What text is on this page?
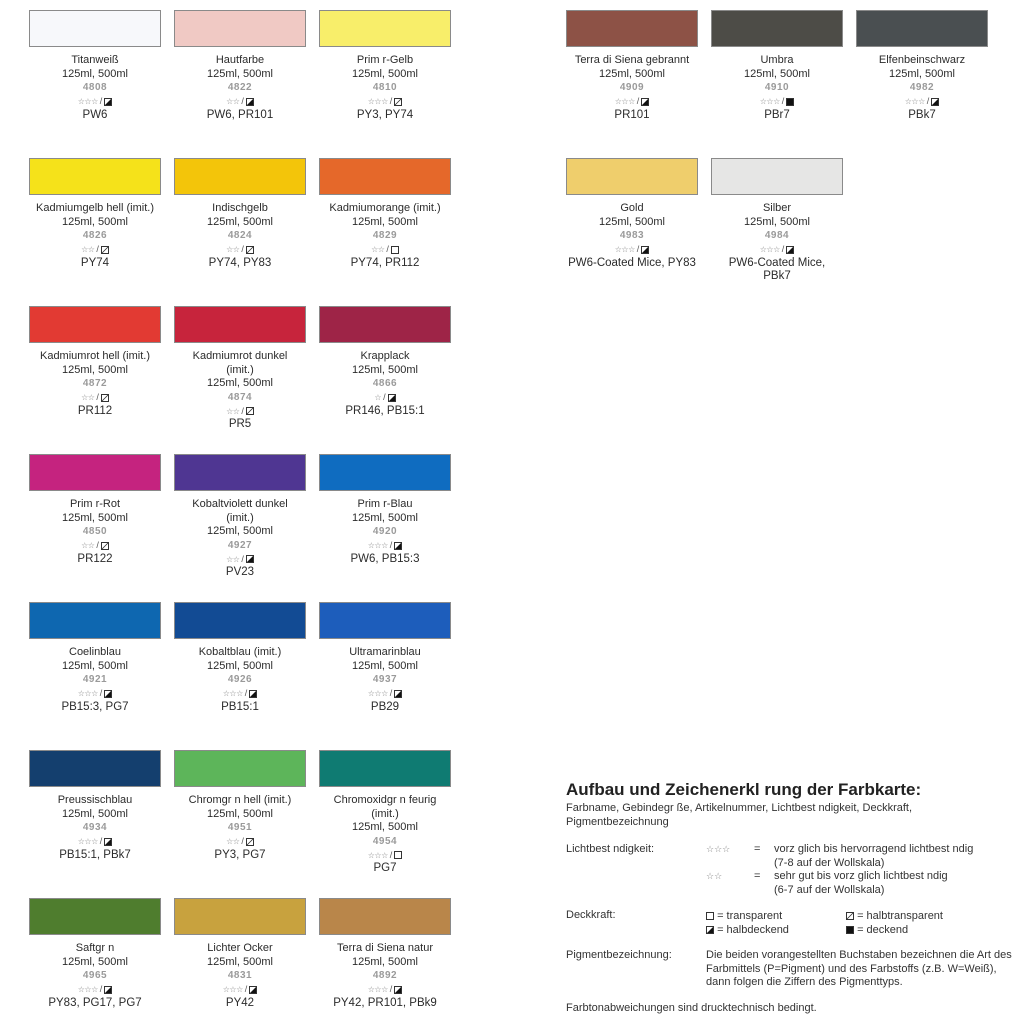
Titanweiß
125ml, 500ml
4808
☆☆☆ /
PW6
Hautfarbe
125ml, 500ml
4822
☆☆ /
PW6, PR101
Prim r-Gelb
125ml, 500ml
4810
☆☆☆ /
PY3, PY74
Kadmiumgelb hell (imit.)
125ml, 500ml
4826
☆☆ /
PY74
Indischgelb
125ml, 500ml
4824
☆☆ /
PY74, PY83
Kadmiumorange (imit.)
125ml, 500ml
4829
☆☆ /
PY74, PR112
Kadmiumrot hell (imit.)
125ml, 500ml
4872
☆☆ /
PR112
Kadmiumrot dunkel
(imit.)
125ml, 500ml
4874
☆☆ /
PR5
Krapplack
125ml, 500ml
4866
☆ /
PR146, PB15:1
Prim r-Rot
125ml, 500ml
4850
☆☆ /
PR122
Kobaltviolett dunkel
(imit.)
125ml, 500ml
4927
☆☆ /
PV23
Prim r-Blau
125ml, 500ml
4920
☆☆☆ /
PW6, PB15:3
Coelinblau
125ml, 500ml
4921
☆☆☆ /
PB15:3, PG7
Kobaltblau (imit.)
125ml, 500ml
4926
☆☆☆ /
PB15:1
Ultramarinblau
125ml, 500ml
4937
☆☆☆ /
PB29
Preussischblau
125ml, 500ml
4934
☆☆☆ /
PB15:1, PBk7
Chromgr n hell (imit.)
125ml, 500ml
4951
☆☆ /
PY3, PG7
Chromoxidgr n feurig
(imit.)
125ml, 500ml
4954
☆☆☆ /
PG7
Saftgr n
125ml, 500ml
4965
☆☆☆ /
PY83, PG17, PG7
Lichter Ocker
125ml, 500ml
4831
☆☆☆ /
PY42
Terra di Siena natur
125ml, 500ml
4892
☆☆☆ /
PY42, PR101, PBk9
Terra di Siena gebrannt
125ml, 500ml
4909
☆☆☆ /
PR101
Umbra
125ml, 500ml
4910
☆☆☆ /
PBr7
Elfenbeinschwarz
125ml, 500ml
4982
☆☆☆ /
PBk7
Gold
125ml, 500ml
4983
☆☆☆ /
PW6-Coated Mice, PY83
Silber
125ml, 500ml
4984
☆☆☆ /
PW6-Coated Mice,
PBk7
Aufbau und Zeichenerkl rung der Farbkarte:
Farbname, Gebindegr ße, Artikelnummer, Lichtbest ndigkeit, Deckkraft, Pigmentbezeichnung
Lichtbest ndigkeit:	☆☆☆	=	vorz glich bis hervorragend lichtbest ndig
(7-8 auf der Wollskala)
☆☆	=	sehr gut bis vorz glich lichtbest ndig
(6-7 auf der Wollskala)
Deckkraft:	= transparent	= halbtransparent
= halbdeckend	= deckend
Pigmentbezeichnung:	Die beiden vorangestellten Buchstaben bezeichnen die Art des Farbmittels (P=Pigment) und des Farbstoffs (z.B. W=Weiß), dann folgen die Ziffern des Pigmenttyps.
Farbtonabweichungen sind drucktechnisch bedingt.
